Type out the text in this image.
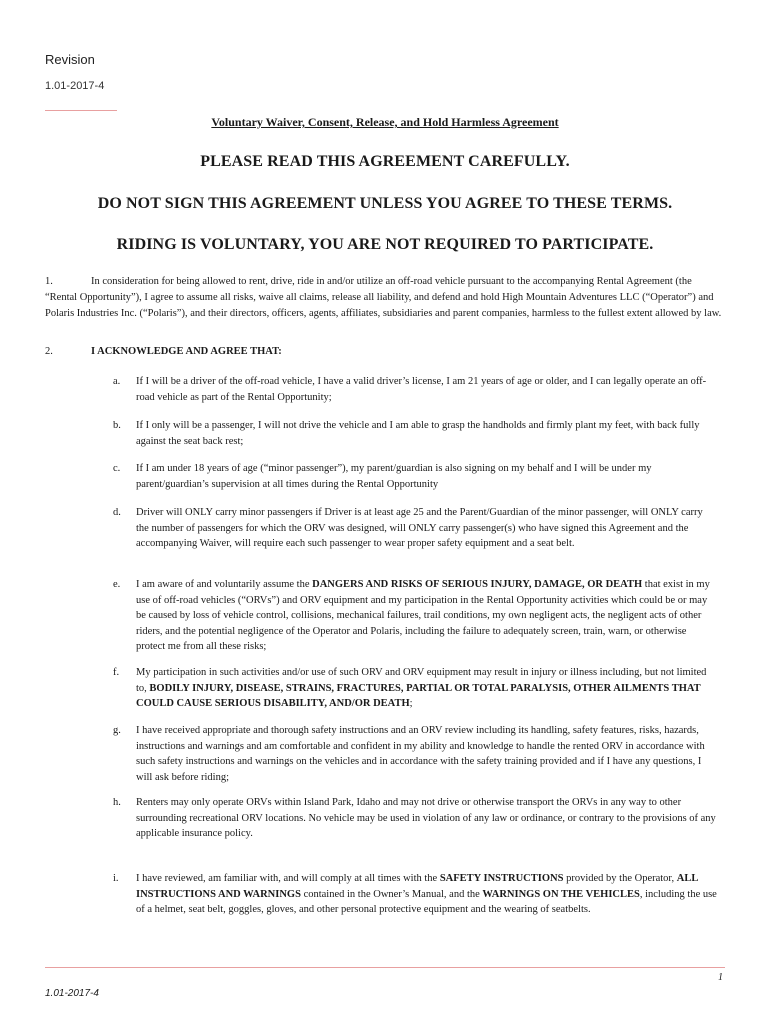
Revision
1.01-2017-4
Voluntary Waiver, Consent, Release, and Hold Harmless Agreement
PLEASE READ THIS AGREEMENT CAREFULLY.
DO NOT SIGN THIS AGREEMENT UNLESS YOU AGREE TO THESE TERMS.
RIDING IS VOLUNTARY, YOU ARE NOT REQUIRED TO PARTICIPATE.
1.	In consideration for being allowed to rent, drive, ride in and/or utilize an off-road vehicle pursuant to the accompanying Rental Agreement (the “Rental Opportunity”), I agree to assume all risks, waive all claims, release all liability, and defend and hold High Mountain Adventures LLC (“Operator”) and Polaris Industries Inc. (“Polaris”), and their directors, officers, agents, affiliates, subsidiaries and parent companies, harmless to the fullest extent allowed by law.
2.	I ACKNOWLEDGE AND AGREE THAT:
a. If I will be a driver of the off-road vehicle, I have a valid driver’s license, I am 21 years of age or older, and I can legally operate an off-road vehicle as part of the Rental Opportunity;
b. If I only will be a passenger, I will not drive the vehicle and I am able to grasp the handholds and firmly plant my feet, with back fully against the seat back rest;
c. If I am under 18 years of age (“minor passenger”), my parent/guardian is also signing on my behalf and I will be under my parent/guardian’s supervision at all times during the Rental Opportunity
d. Driver will ONLY carry minor passengers if Driver is at least age 25 and the Parent/Guardian of the minor passenger, will ONLY carry the number of passengers for which the ORV was designed, will ONLY carry passenger(s) who have signed this Agreement and the accompanying Waiver, will require each such passenger to wear proper safety equipment and a seat belt.
e. I am aware of and voluntarily assume the DANGERS AND RISKS OF SERIOUS INJURY, DAMAGE, OR DEATH that exist in my use of off-road vehicles (“ORVs”) and ORV equipment and my participation in the Rental Opportunity activities which could be or may be caused by loss of vehicle control, collisions, mechanical failures, trail conditions, my own negligent acts, the negligent acts of other riders, and the potential negligence of the Operator and Polaris, including the failure to adequately screen, train, warn, or otherwise protect me from all these risks;
f. My participation in such activities and/or use of such ORV and ORV equipment may result in injury or illness including, but not limited to, BODILY INJURY, DISEASE, STRAINS, FRACTURES, PARTIAL OR TOTAL PARALYSIS, OTHER AILMENTS THAT COULD CAUSE SERIOUS DISABILITY, AND/OR DEATH;
g. I have received appropriate and thorough safety instructions and an ORV review including its handling, safety features, risks, hazards, instructions and warnings and am comfortable and confident in my ability and knowledge to handle the rented ORV in accordance with such safety instructions and warnings on the vehicles and in accordance with the safety training provided and if I have any questions, I will ask before riding;
h. Renters may only operate ORVs within Island Park, Idaho and may not drive or otherwise transport the ORVs in any way to other surrounding recreational ORV locations. No vehicle may be used in violation of any law or ordinance, or contrary to the provisions of any applicable insurance policy.
i. I have reviewed, am familiar with, and will comply at all times with the SAFETY INSTRUCTIONS provided by the Operator, ALL INSTRUCTIONS AND WARNINGS contained in the Owner’s Manual, and the WARNINGS ON THE VEHICLES, including the use of a helmet, seat belt, goggles, gloves, and other personal protective equipment and the wearing of seatbelts.
1
1.01-2017-4
